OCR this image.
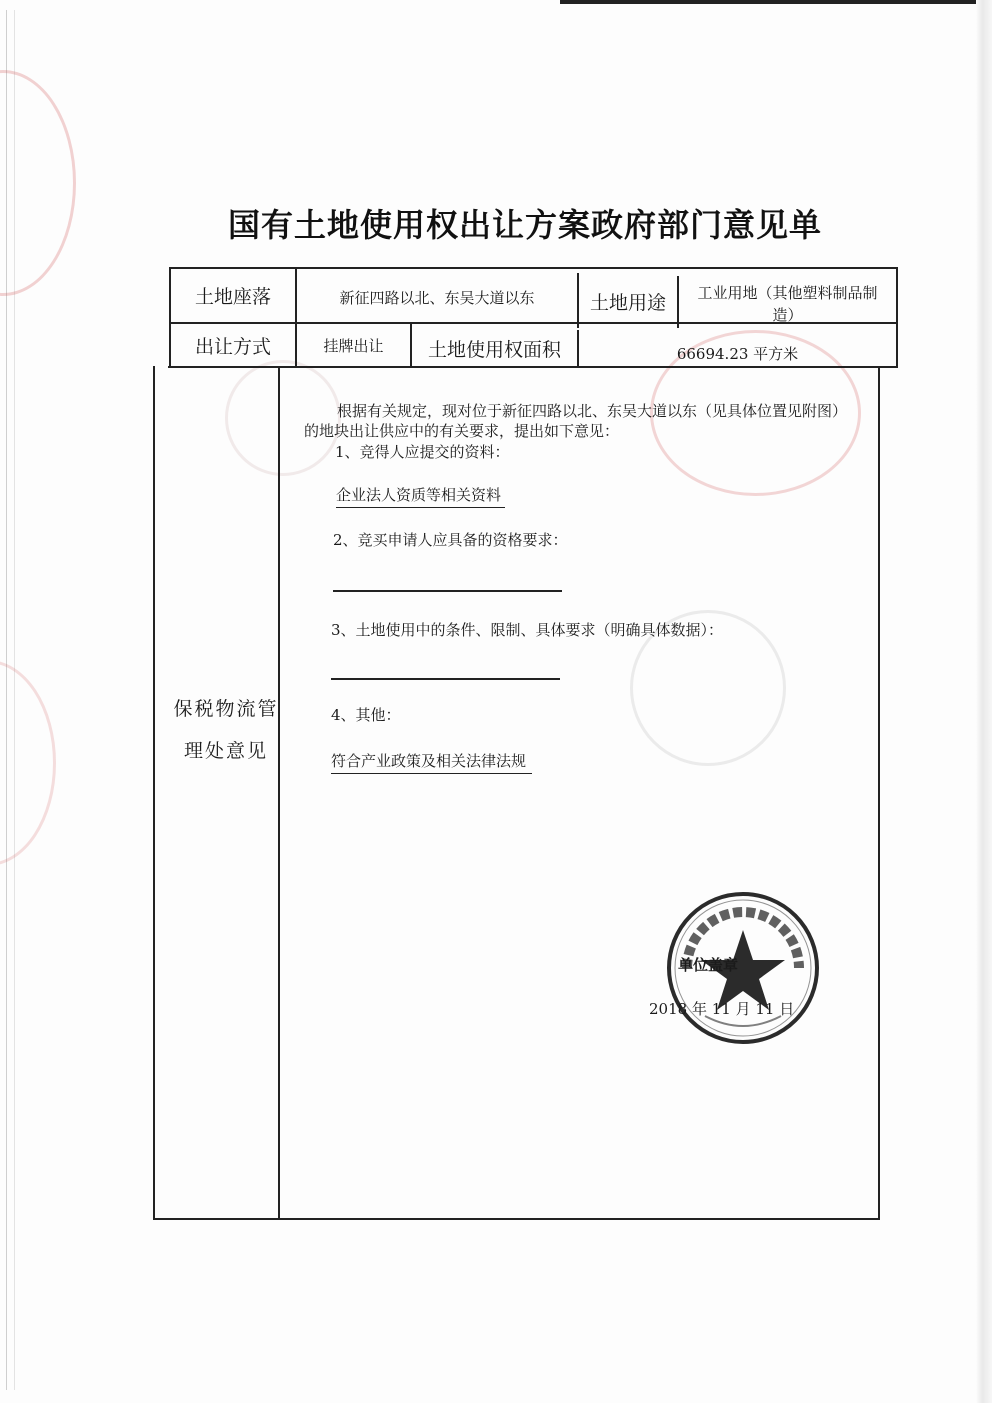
国有土地使用权出让方案政府部门意见单
土地座落	新征四路以北、东吴大道以东	土地用途	工业用地（其他塑料制品制
造）
出让方式	挂牌出让	土地使用权面积	66694.23 平方米
保税物流管
理处意见
根据有关规定，现对位于新征四路以北、东吴大道以东（见具体位置见附图）
的地块出让供应中的有关要求，提出如下意见：
1、竞得人应提交的资料：
企业法人资质等相关资料
2、竞买申请人应具备的资格要求：
3、土地使用中的条件、限制、具体要求（明确具体数据）：
4、其他：
符合产业政策及相关法律法规
单位盖章
2018 年 11 月 11 日
